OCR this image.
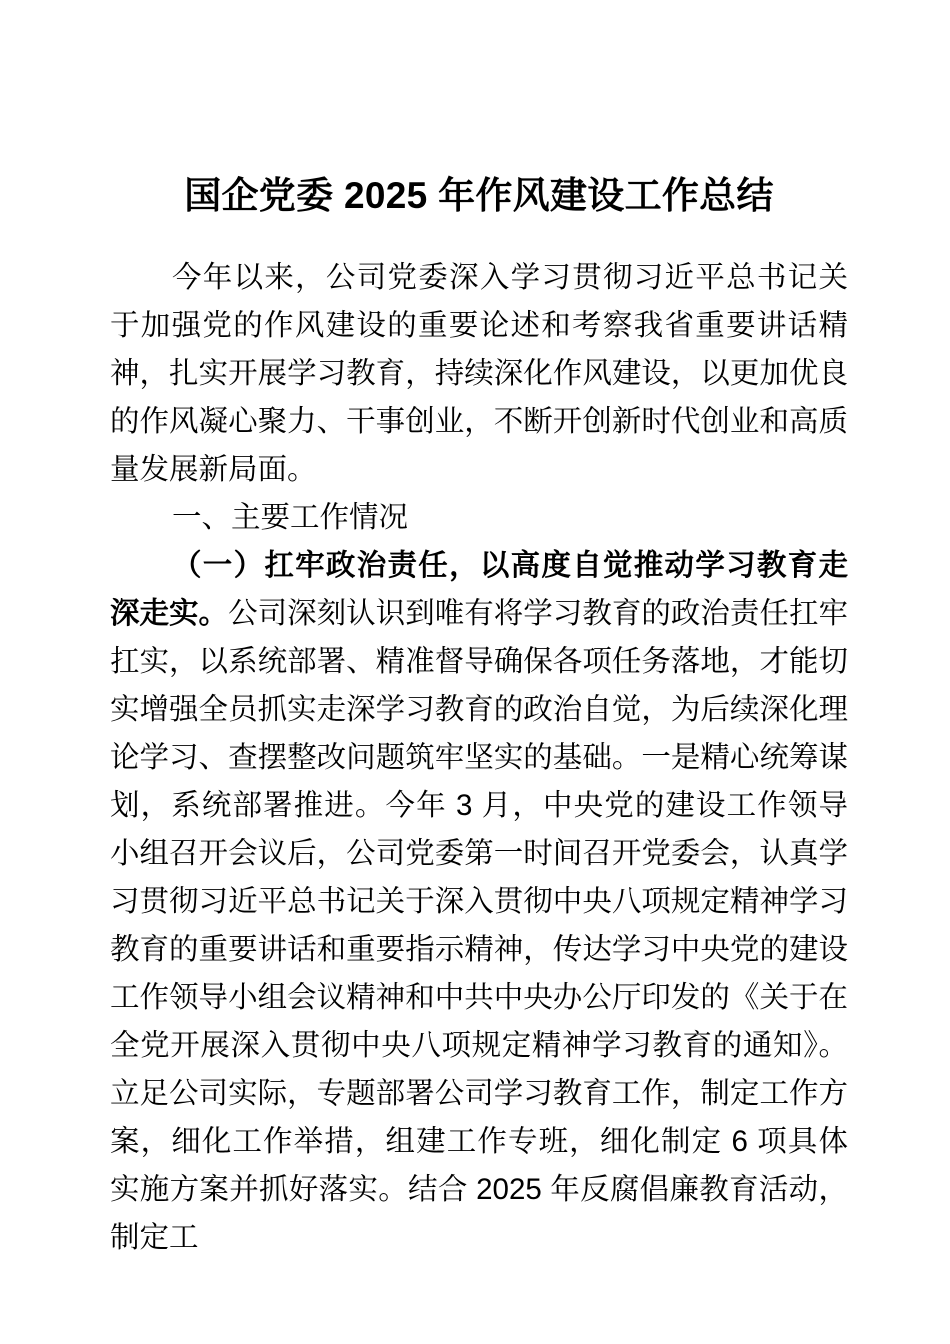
国企党委 2025 年作风建设工作总结

今年以来，公司党委深入学习贯彻习近平总书记关于加强党的作风建设的重要论述和考察我省重要讲话精神，扎实开展学习教育，持续深化作风建设，以更加优良的作风凝心聚力、干事创业，不断开创新时代创业和高质量发展新局面。

一、主要工作情况

（一）扛牢政治责任，以高度自觉推动学习教育走深走实。公司深刻认识到唯有将学习教育的政治责任扛牢扛实，以系统部署、精准督导确保各项任务落地，才能切实增强全员抓实走深学习教育的政治自觉，为后续深化理论学习、查摆整改问题筑牢坚实的基础。一是精心统筹谋划，系统部署推进。今年 3 月，中央党的建设工作领导小组召开会议后，公司党委第一时间召开党委会，认真学习贯彻习近平总书记关于深入贯彻中央八项规定精神学习教育的重要讲话和重要指示精神，传达学习中央党的建设工作领导小组会议精神和中共中央办公厅印发的《关于在全党开展深入贯彻中央八项规定精神学习教育的通知》。立足公司实际，专题部署公司学习教育工作，制定工作方案，细化工作举措，组建工作专班，细化制定 6 项具体实施方案并抓好落实。结合 2025 年反腐倡廉教育活动，制定工
